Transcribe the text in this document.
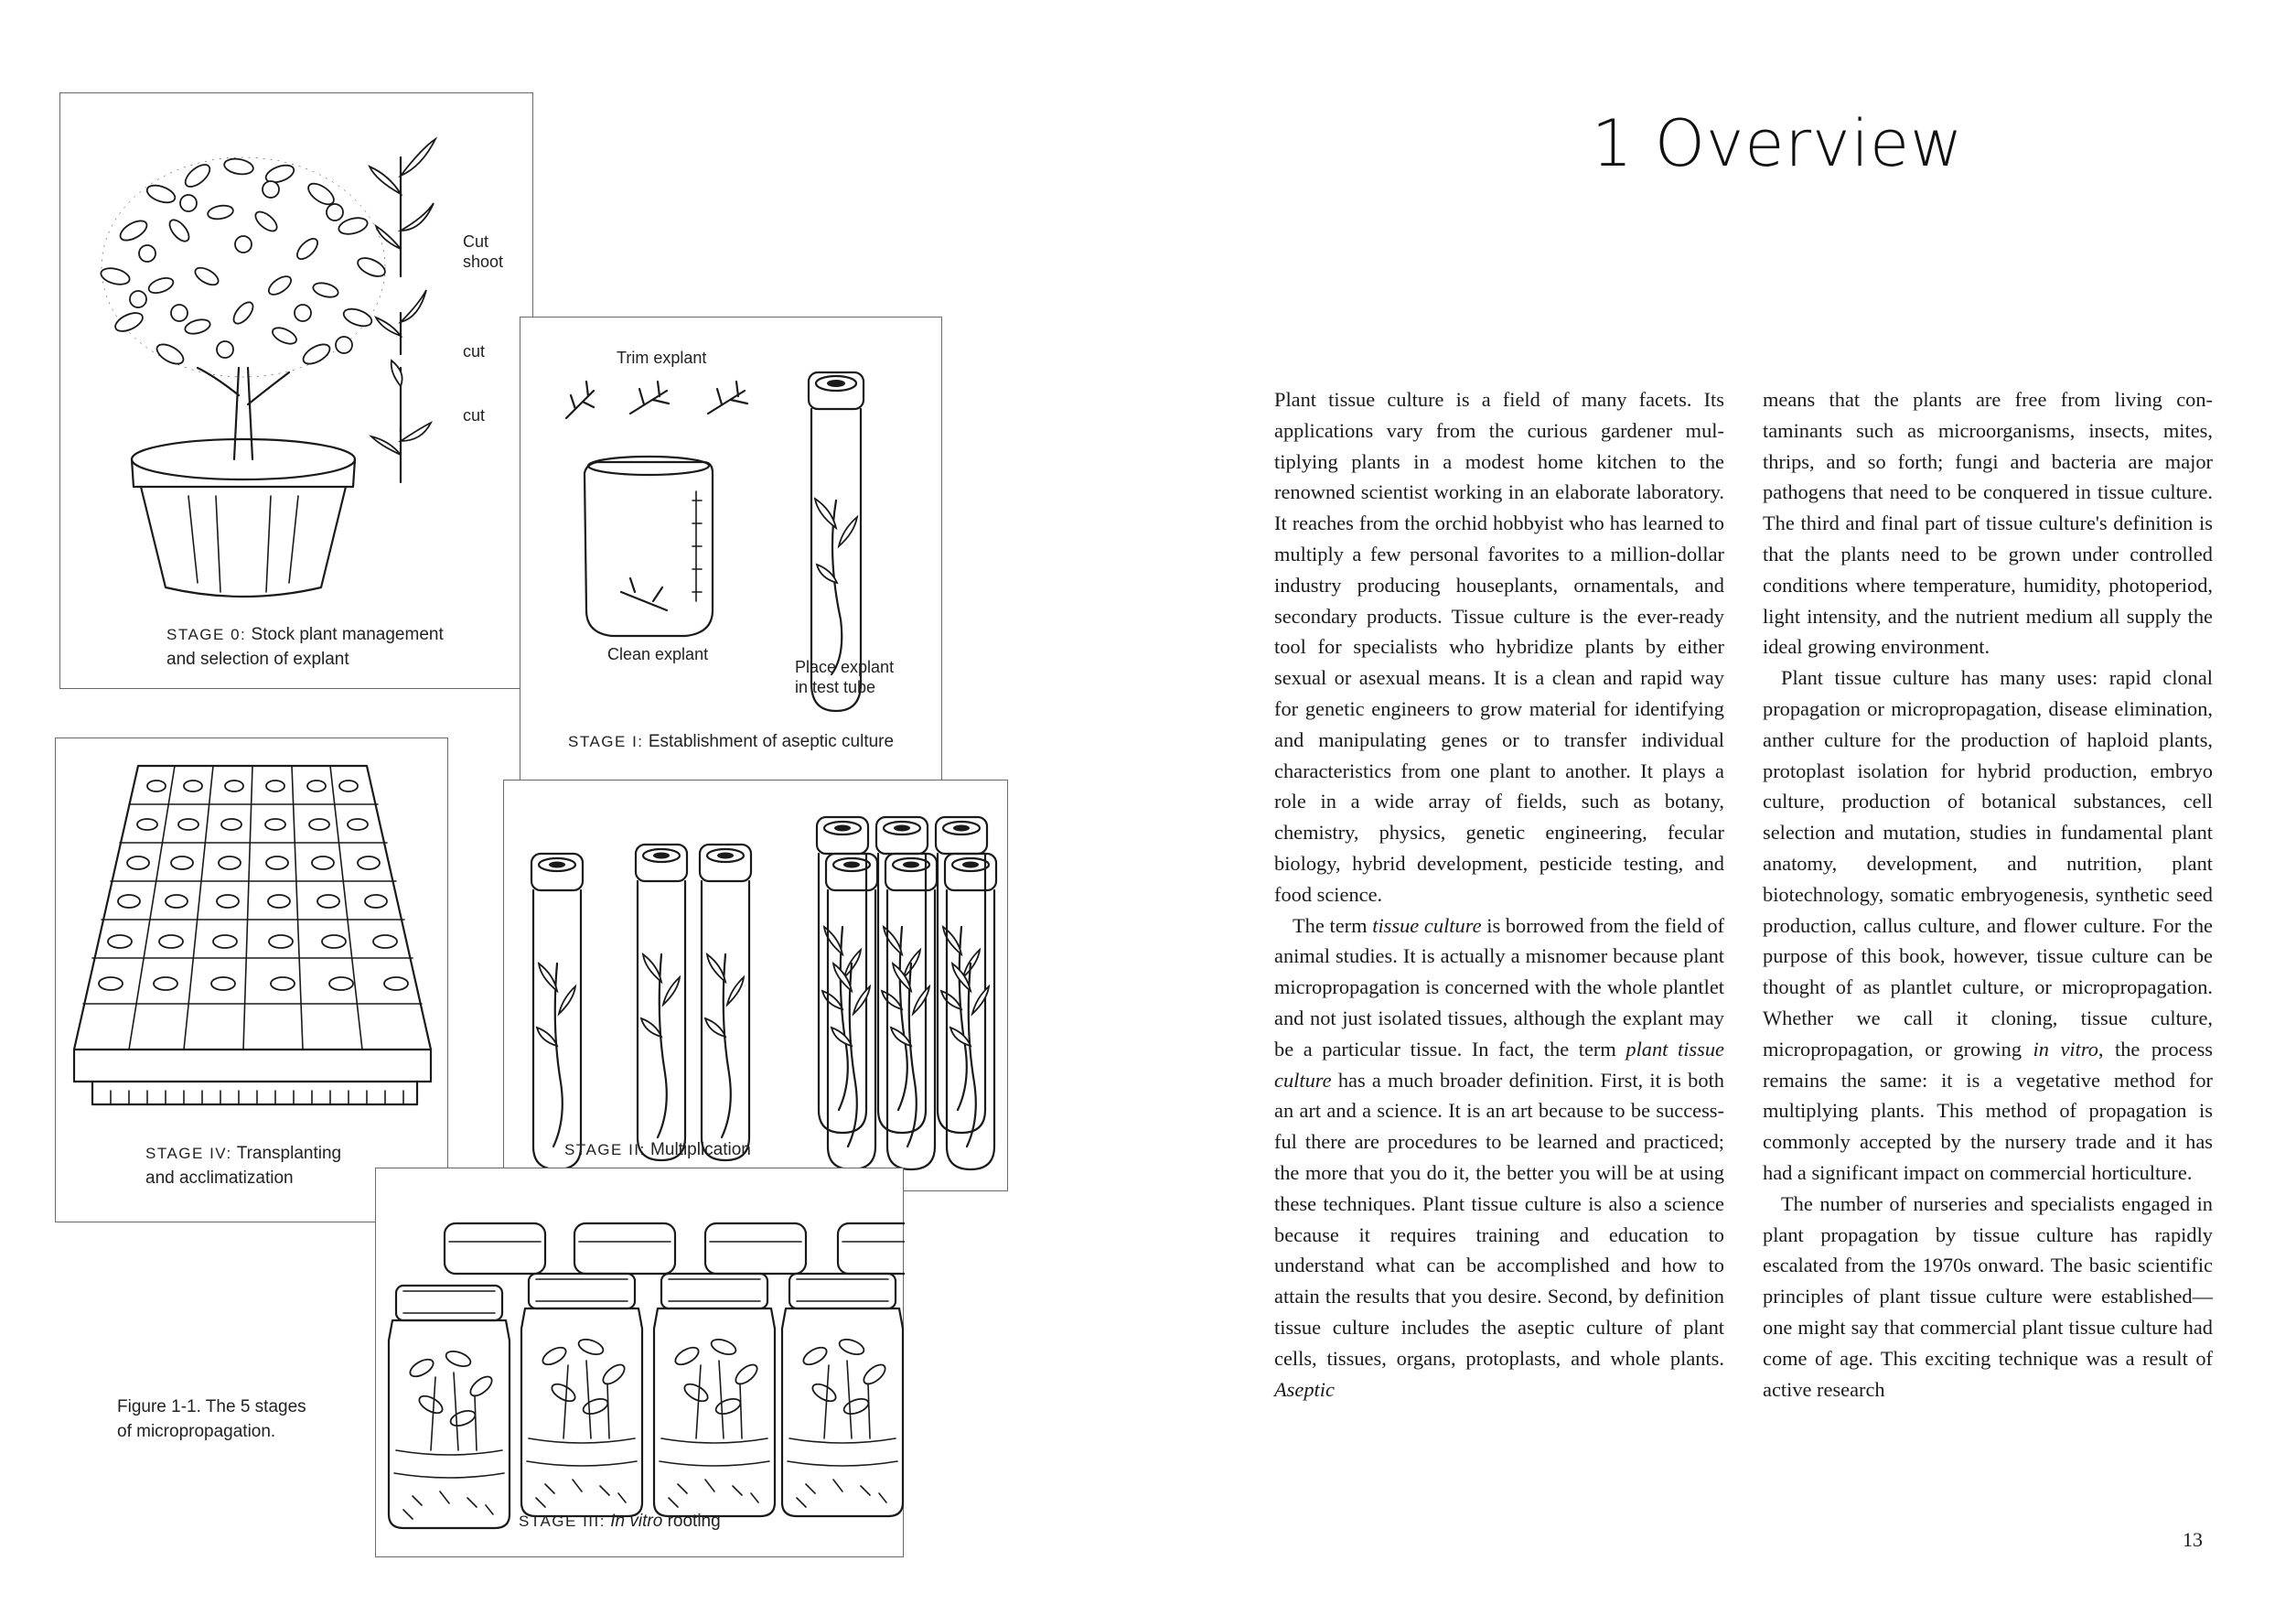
Cut
shoot
cut
cut
STAGE 0: Stock plant management
and selection of explant
Trim explant
Clean explant
Place explant
in test tube
STAGE I: Establishment of aseptic culture
STAGE IV: Transplanting
and acclimatization
STAGE II: Multiplication
STAGE III: In vitro rooting
Figure 1-1. The 5 stages
of micropropagation.
1 Overview

Plant tissue culture is a field of many facets. Its applications vary from the curious gardener multiplying plants in a modest home kitchen to the renowned scientist working in an elaborate laboratory. It reaches from the orchid hobbyist who has learned to multiply a few personal favorites to a million-dollar industry producing houseplants, ornamentals, and secondary products. Tissue culture is the ever-ready tool for specialists who hybridize plants by either sexual or asexual means. It is a clean and rapid way for genetic engineers to grow material for identifying and manipulating genes or to transfer individual characteristics from one plant to another. It plays a role in a wide array of fields, such as botany, chemistry, physics, genetic engineering, fecular biology, hybrid development, pesticide testing, and food science.

The term tissue culture is borrowed from the field of animal studies. It is actually a misnomer because plant micropropagation is concerned with the whole plantlet and not just isolated tissues, although the explant may be a particular tissue. In fact, the term plant tissue culture has a much broader definition. First, it is both an art and a science. It is an art because to be successful there are procedures to be learned and practiced; the more that you do it, the better you will be at using these techniques. Plant tissue culture is also a science because it requires training and education to understand what can be accomplished and how to attain the results that you desire. Second, by definition tissue culture includes the aseptic culture of plant cells, tissues, organs, protoplasts, and whole plants. Aseptic

means that the plants are free from living contaminants such as microorganisms, insects, mites, thrips, and so forth; fungi and bacteria are major pathogens that need to be conquered in tissue culture. The third and final part of tissue culture's definition is that the plants need to be grown under controlled conditions where temperature, humidity, photoperiod, light intensity, and the nutrient medium all supply the ideal growing environment.

Plant tissue culture has many uses: rapid clonal propagation or micropropagation, disease elimination, anther culture for the production of haploid plants, protoplast isolation for hybrid production, embryo culture, production of botanical substances, cell selection and mutation, studies in fundamental plant anatomy, development, and nutrition, plant biotechnology, somatic embryogenesis, synthetic seed production, callus culture, and flower culture. For the purpose of this book, however, tissue culture can be thought of as plantlet culture, or micropropagation. Whether we call it cloning, tissue culture, micropropagation, or growing in vitro, the process remains the same: it is a vegetative method for multiplying plants. This method of propagation is commonly accepted by the nursery trade and it has had a significant impact on commercial horticulture.

The number of nurseries and specialists engaged in plant propagation by tissue culture has rapidly escalated from the 1970s onward. The basic scientific principles of plant tissue culture were established—one might say that commercial plant tissue culture had come of age. This exciting technique was a result of active research

13
